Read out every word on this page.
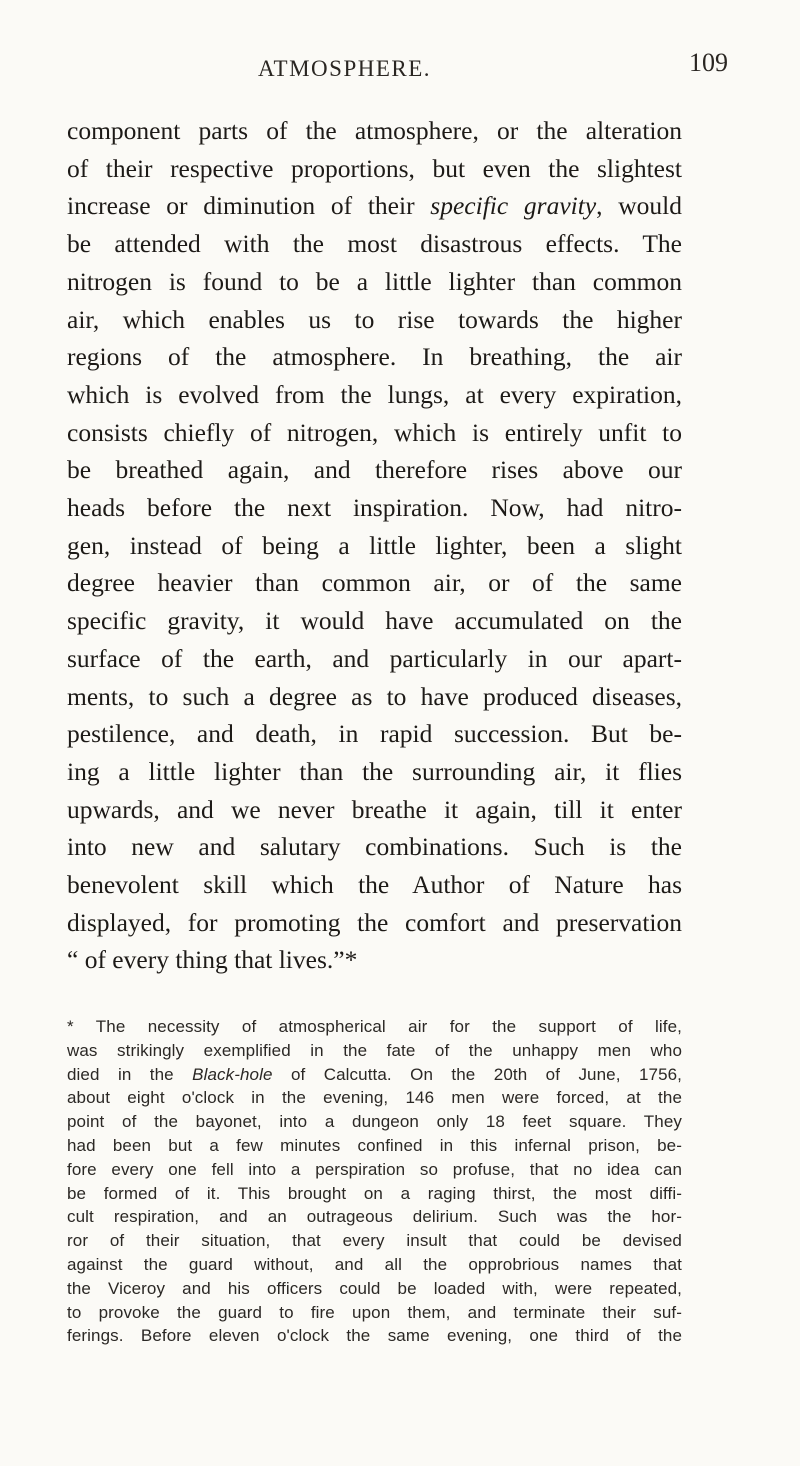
ATMOSPHERE.	109
component parts of the atmosphere, or the alteration
of their respective proportions, but even the slightest
increase or diminution of their specific gravity, would
be attended with the most disastrous effects. The
nitrogen is found to be a little lighter than common
air, which enables us to rise towards the higher
regions of the atmosphere. In breathing, the air
which is evolved from the lungs, at every expiration,
consists chiefly of nitrogen, which is entirely unfit to
be breathed again, and therefore rises above our
heads before the next inspiration. Now, had nitro-
gen, instead of being a little lighter, been a slight
degree heavier than common air, or of the same
specific gravity, it would have accumulated on the
surface of the earth, and particularly in our apart-
ments, to such a degree as to have produced diseases,
pestilence, and death, in rapid succession. But be-
ing a little lighter than the surrounding air, it flies
upwards, and we never breathe it again, till it enter
into new and salutary combinations. Such is the
benevolent skill which the Author of Nature has
displayed, for promoting the comfort and preservation
“ of every thing that lives.”*
* The necessity of atmospherical air for the support of life,
was strikingly exemplified in the fate of the unhappy men who
died in the Black-hole of Calcutta. On the 20th of June, 1756,
about eight o'clock in the evening, 146 men were forced, at the
point of the bayonet, into a dungeon only 18 feet square. They
had been but a few minutes confined in this infernal prison, be-
fore every one fell into a perspiration so profuse, that no idea can
be formed of it. This brought on a raging thirst, the most diffi-
cult respiration, and an outrageous delirium. Such was the hor-
ror of their situation, that every insult that could be devised
against the guard without, and all the opprobrious names that
the Viceroy and his officers could be loaded with, were repeated,
to provoke the guard to fire upon them, and terminate their suf-
ferings. Before eleven o'clock the same evening, one third of the
